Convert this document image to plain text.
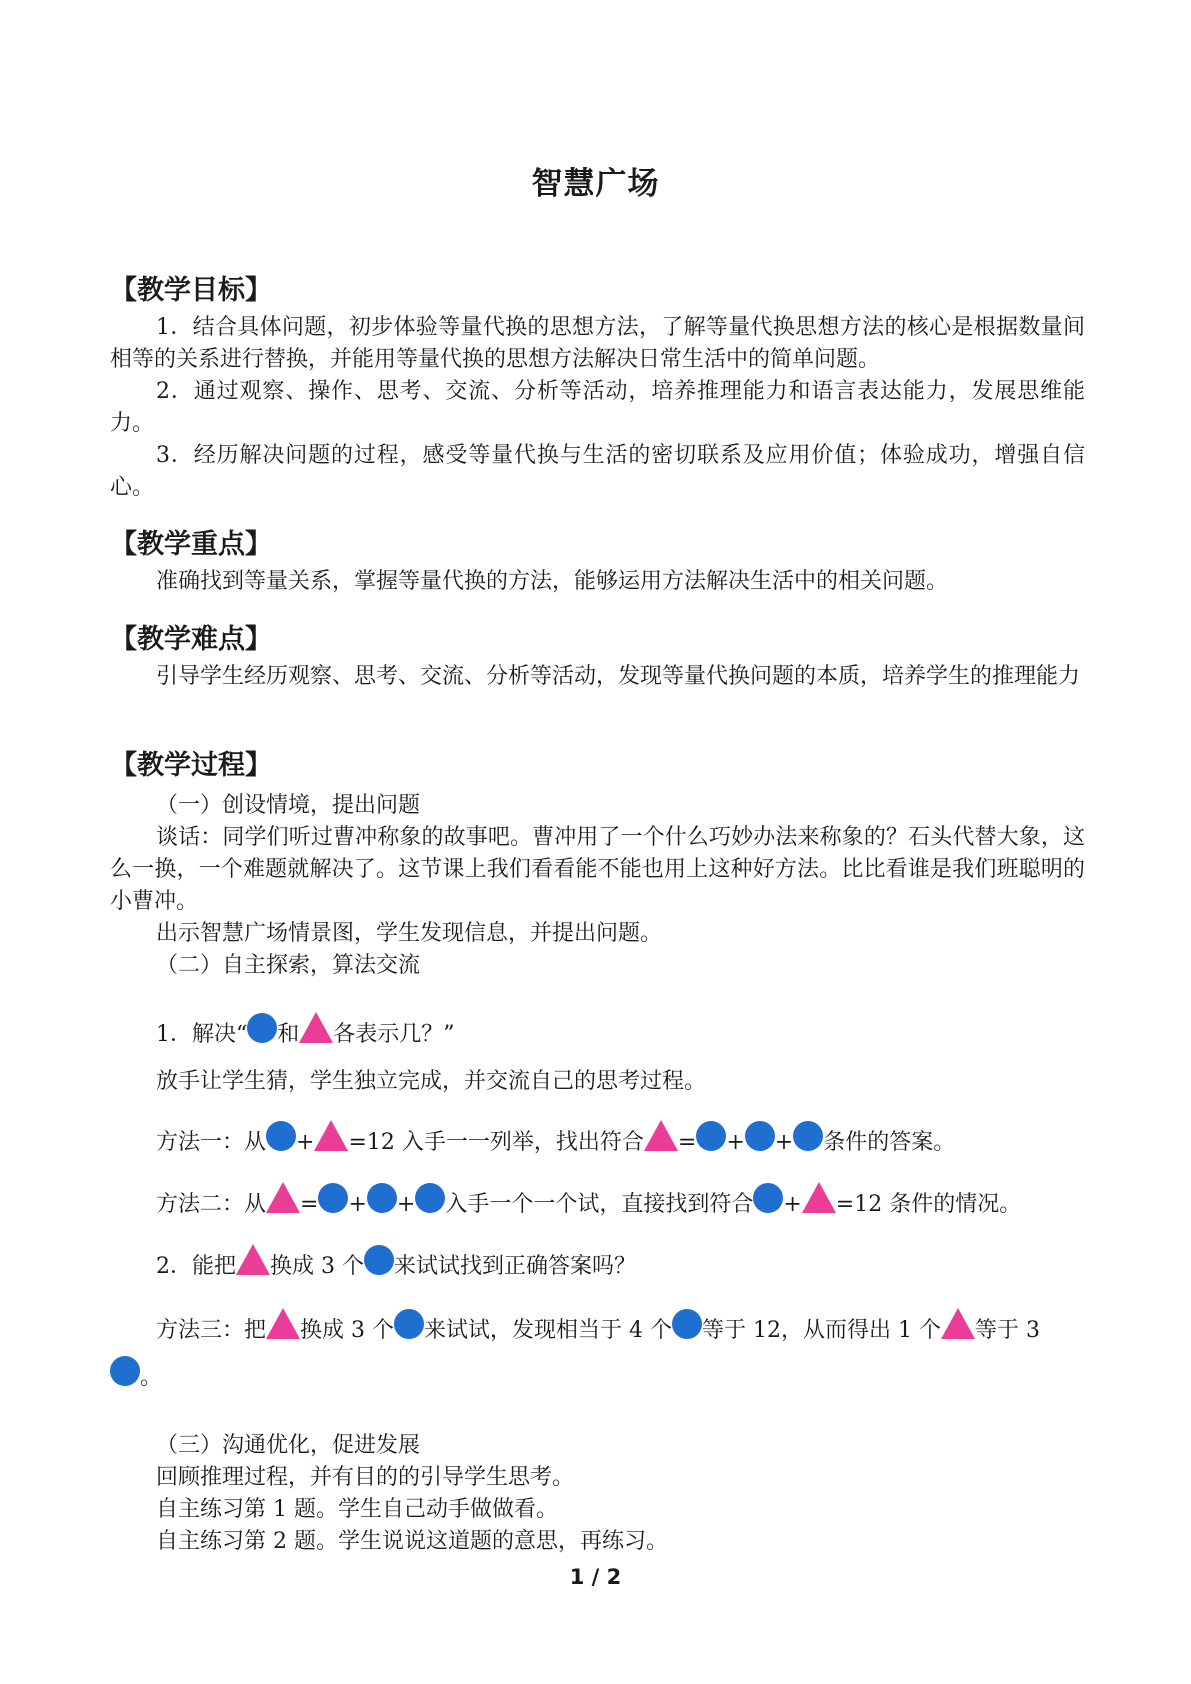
智慧广场
【教学目标】
1．结合具体问题，初步体验等量代换的思想方法，了解等量代换思想方法的核心是根据数量间相等的关系进行替换，并能用等量代换的思想方法解决日常生活中的简单问题。
2．通过观察、操作、思考、交流、分析等活动，培养推理能力和语言表达能力，发展思维能力。
3．经历解决问题的过程，感受等量代换与生活的密切联系及应用价值；体验成功，增强自信心。
【教学重点】
准确找到等量关系，掌握等量代换的方法，能够运用方法解决生活中的相关问题。
【教学难点】
引导学生经历观察、思考、交流、分析等活动，发现等量代换问题的本质，培养学生的推理能力
【教学过程】
（一）创设情境，提出问题
谈话：同学们听过曹冲称象的故事吧。曹冲用了一个什么巧妙办法来称象的？石头代替大象，这么一换，一个难题就解决了。这节课上我们看看能不能也用上这种好方法。比比看谁是我们班聪明的小曹冲。
出示智慧广场情景图，学生发现信息，并提出问题。
（二）自主探索，算法交流
1．解决“ 和 各表示几？”
放手让学生猜，学生独立完成，并交流自己的思考过程。
方法一：从 + =12 入手一一列举，找出符合 = + + 条件的答案。
方法二：从 = + + 入手一个一个试，直接找到符合 + =12 条件的情况。
2．能把 换成 3 个 来试试找到正确答案吗？
方法三：把 换成 3 个 来试试，发现相当于 4 个 等于 12，从而得出 1 个 等于 3
。
（三）沟通优化，促进发展
回顾推理过程，并有目的的引导学生思考。
自主练习第 1 题。学生自己动手做做看。
自主练习第 2 题。学生说说这道题的意思，再练习。
1 / 2
